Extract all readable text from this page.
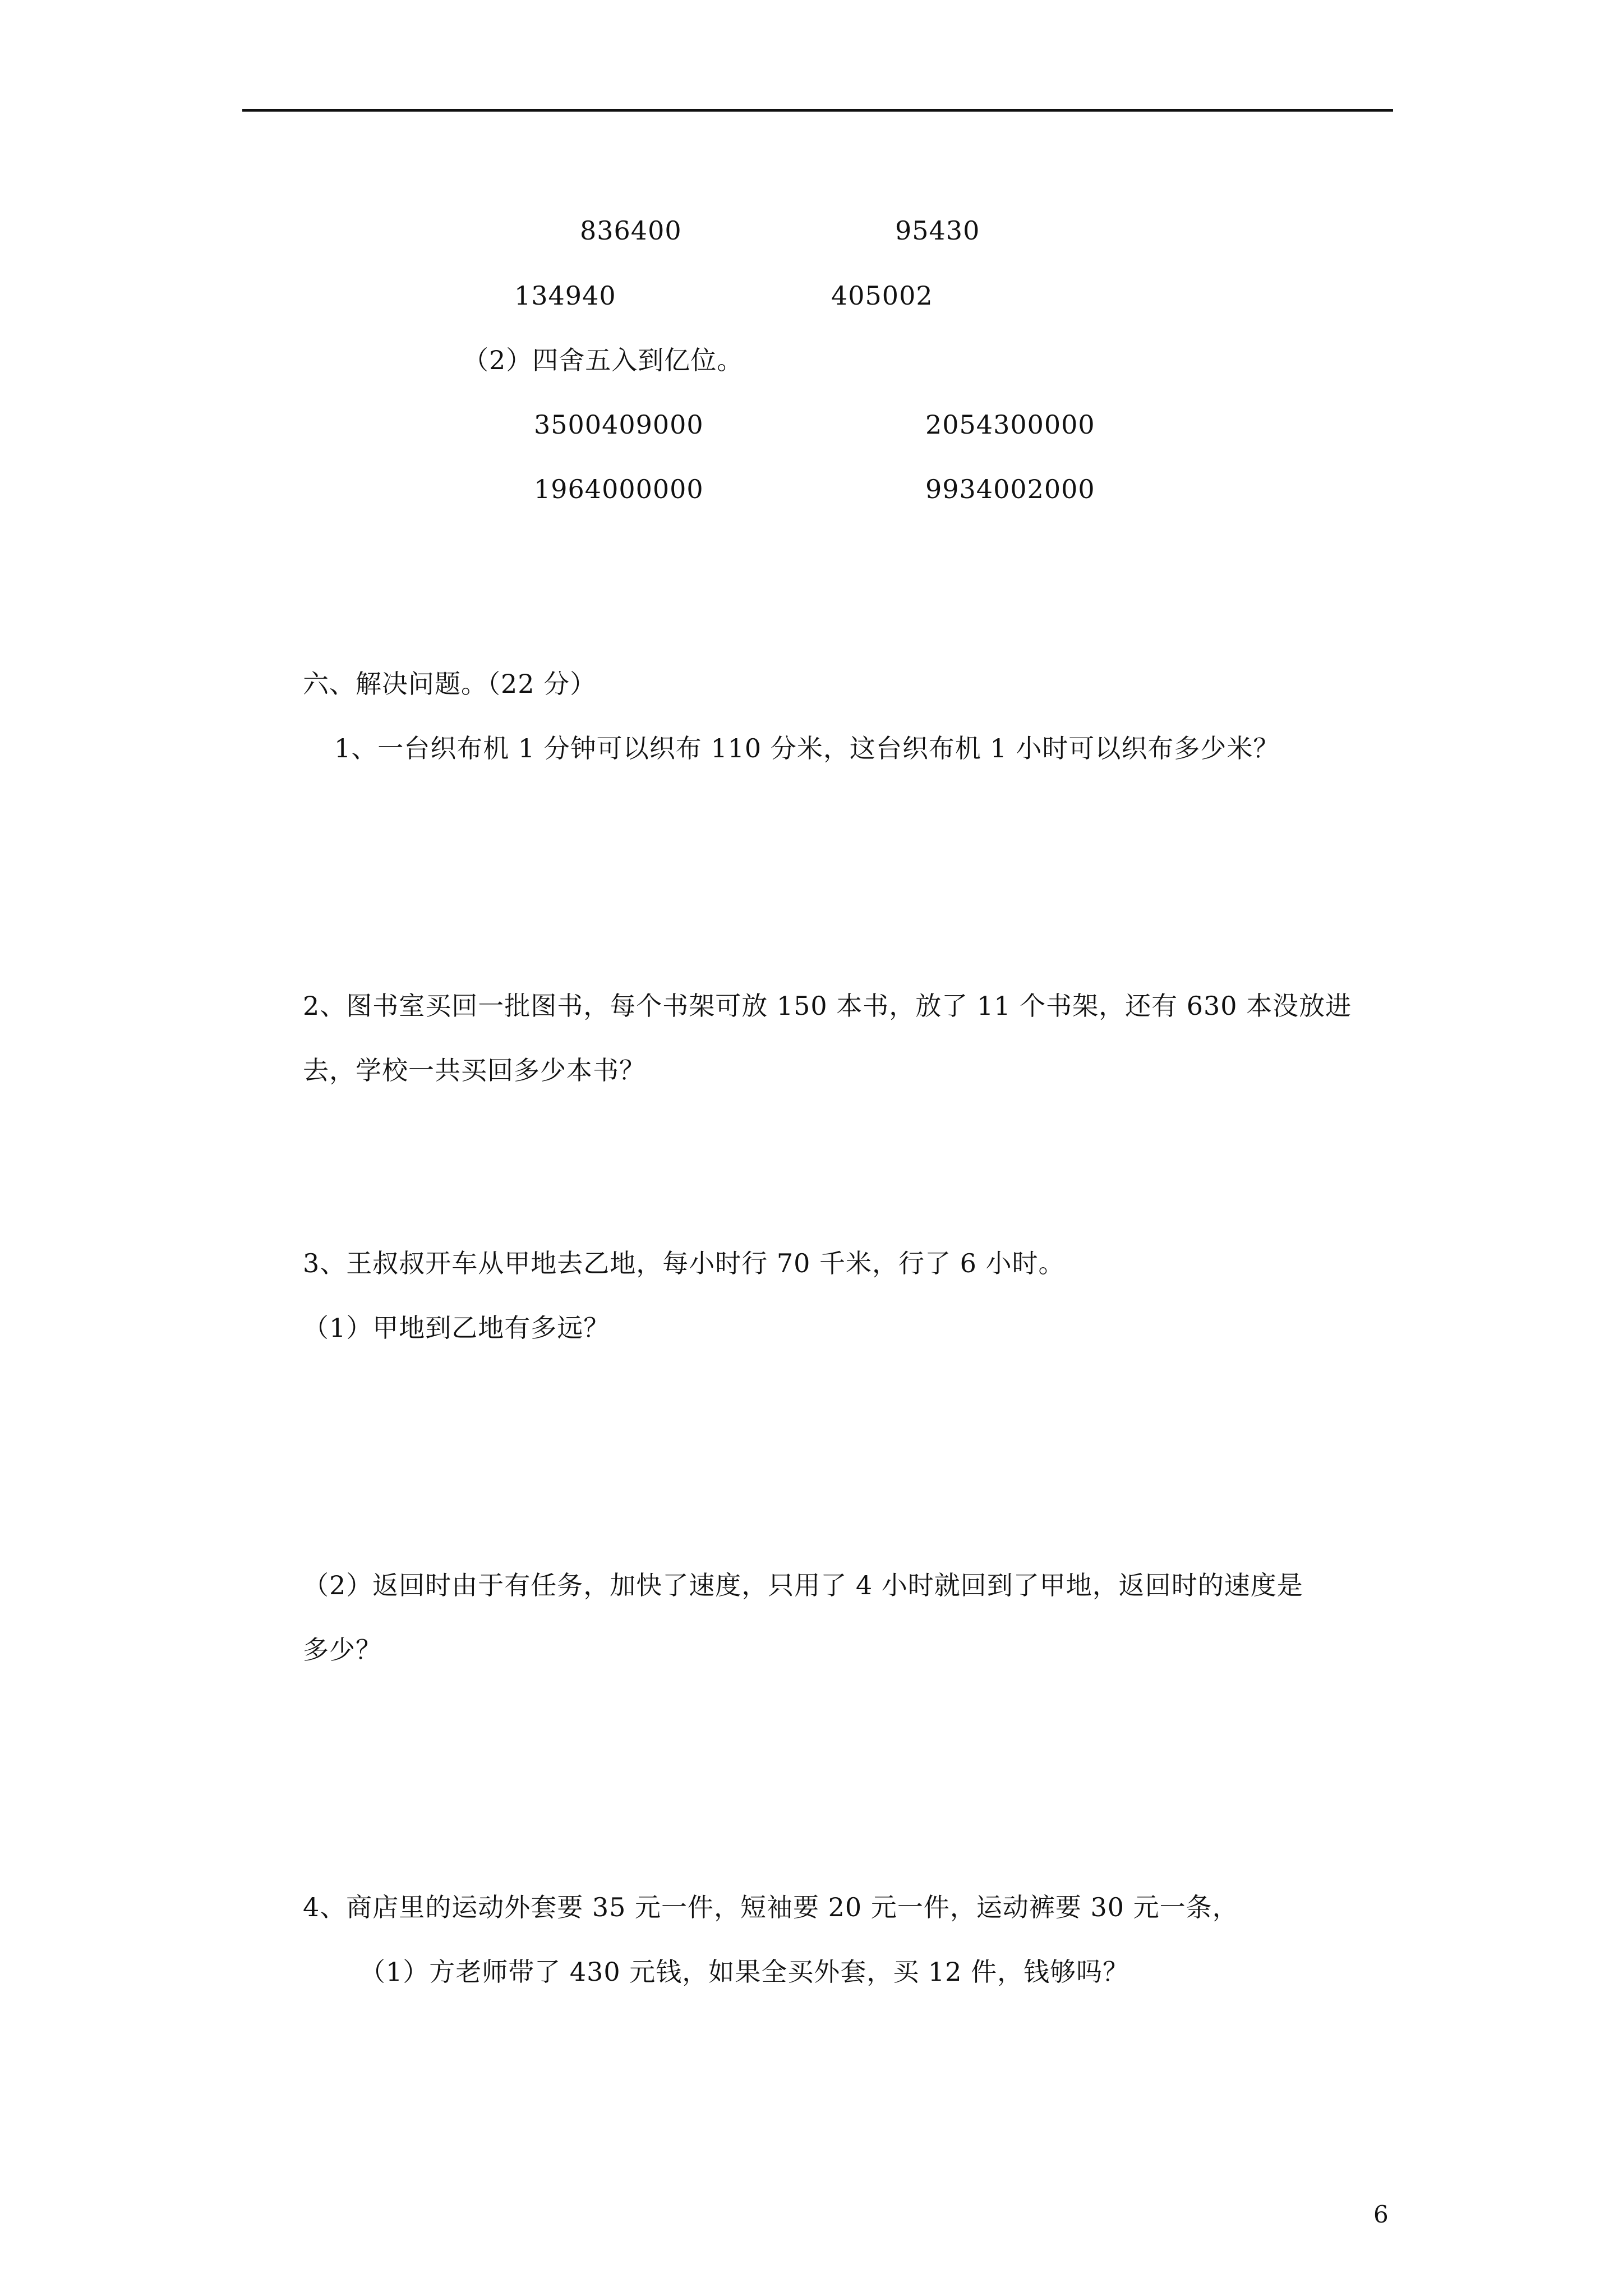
836400	95430
134940	405002
（2）四舍五入到亿位。
3500409000	2054300000
1964000000	9934002000
六、解决问题。（22 分）
1、一台织布机 1 分钟可以织布 110 分米，这台织布机 1 小时可以织布多少米？
2、图书室买回一批图书，每个书架可放 150 本书，放了 11 个书架，还有 630 本没放进
去，学校一共买回多少本书？
3、王叔叔开车从甲地去乙地，每小时行 70 千米，行了 6 小时。
（1）甲地到乙地有多远？
（2）返回时由于有任务，加快了速度，只用了 4 小时就回到了甲地，返回时的速度是
多少？
4、商店里的运动外套要 35 元一件，短袖要 20 元一件，运动裤要 30 元一条，
（1）方老师带了 430 元钱，如果全买外套，买 12 件，钱够吗？
6
